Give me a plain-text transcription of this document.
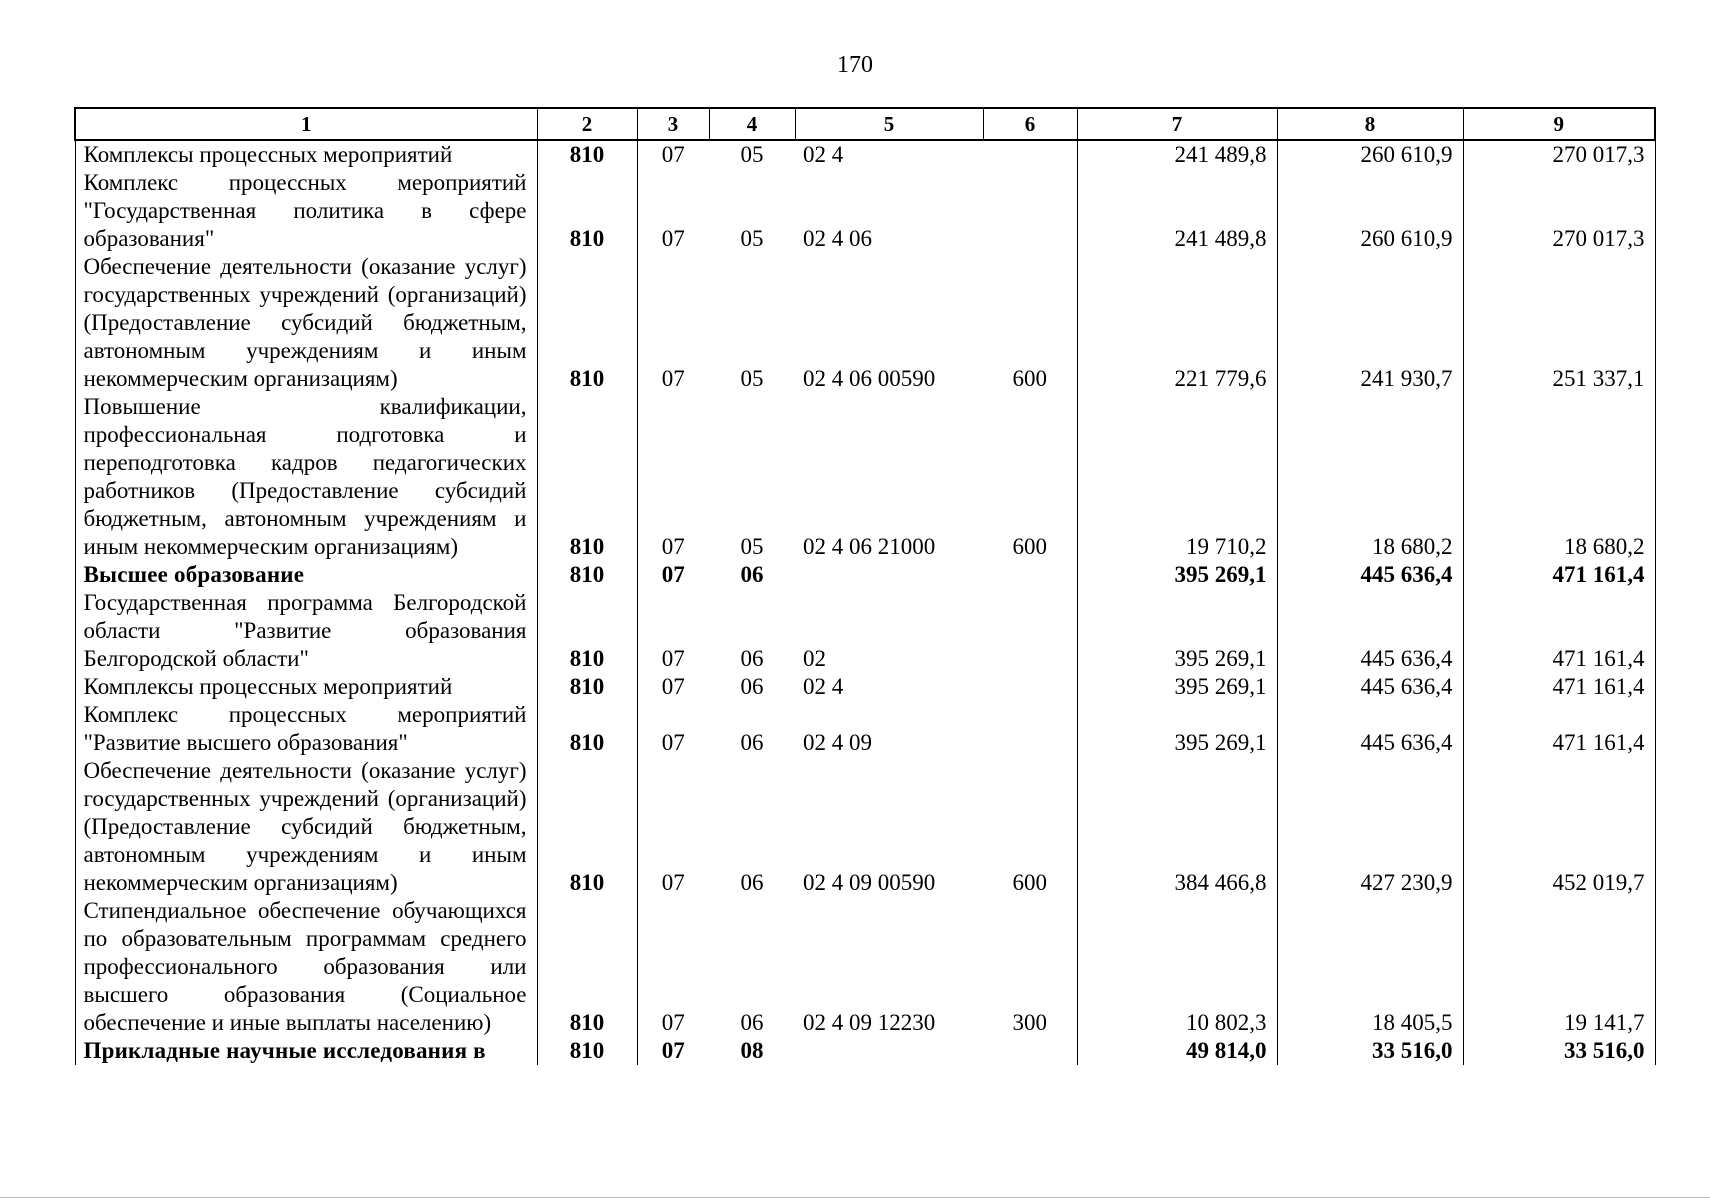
170
1	2	3	4	5	6	7	8	9
Комплексы процессных мероприятий	810	07	05	02 4		241 489,8	260 610,9	270 017,3
Комплекс процессных мероприятий "Государственная политика в сфере образования"	810	07	05	02 4 06		241 489,8	260 610,9	270 017,3
Обеспечение деятельности (оказание услуг) государственных учреждений (организаций) (Предоставление субсидий бюджетным, автономным учреждениям и иным некоммерческим организациям)	810	07	05	02 4 06 00590	600	221 779,6	241 930,7	251 337,1
Повышение квалификации, профессиональная подготовка и переподготовка кадров педагогических работников (Предоставление субсидий бюджетным, автономным учреждениям и иным некоммерческим организациям)	810	07	05	02 4 06 21000	600	19 710,2	18 680,2	18 680,2
Высшее образование	810	07	06			395 269,1	445 636,4	471 161,4
Государственная программа Белгородской области "Развитие образования Белгородской области"	810	07	06	02		395 269,1	445 636,4	471 161,4
Комплексы процессных мероприятий	810	07	06	02 4		395 269,1	445 636,4	471 161,4
Комплекс процессных мероприятий "Развитие высшего образования"	810	07	06	02 4 09		395 269,1	445 636,4	471 161,4
Обеспечение деятельности (оказание услуг) государственных учреждений (организаций) (Предоставление субсидий бюджетным, автономным учреждениям и иным некоммерческим организациям)	810	07	06	02 4 09 00590	600	384 466,8	427 230,9	452 019,7
Стипендиальное обеспечение обучающихся по образовательным программам среднего профессионального образования или высшего образования (Социальное обеспечение и иные выплаты населению)	810	07	06	02 4 09 12230	300	10 802,3	18 405,5	19 141,7
Прикладные научные исследования в	810	07	08			49 814,0	33 516,0	33 516,0
